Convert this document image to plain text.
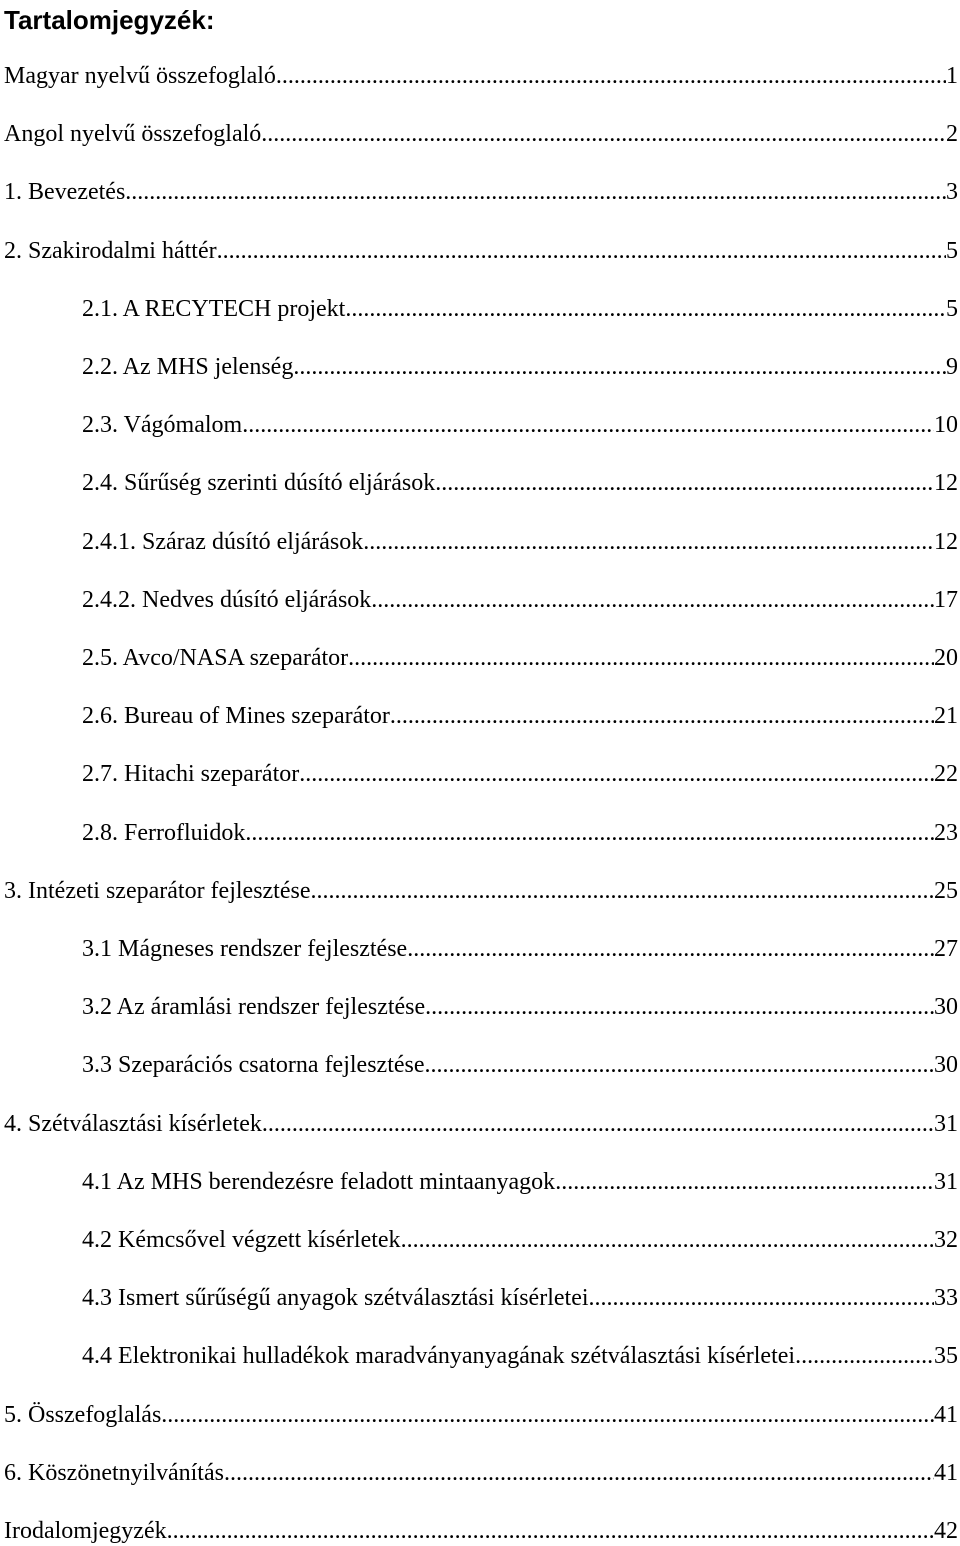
Tartalomjegyzék:
Magyar nyelvű összefoglaló .....	1
Angol nyelvű összefoglaló .....	2
1. Bevezetés .....	3
2. Szakirodalmi háttér .....	5
2.1. A RECYTECH projekt .....	5
2.2. Az MHS jelenség .....	9
2.3. Vágómalom .....	10
2.4. Sűrűség szerinti dúsító eljárások .....	12
2.4.1. Száraz dúsító eljárások .....	12
2.4.2. Nedves dúsító eljárások .....	17
2.5. Avco/NASA szeparátor .....	20
2.6. Bureau of Mines szeparátor .....	21
2.7. Hitachi szeparátor .....	22
2.8. Ferrofluidok .....	23
3. Intézeti szeparátor fejlesztése .....	25
3.1 Mágneses rendszer fejlesztése .....	27
3.2 Az áramlási rendszer fejlesztése .....	30
3.3 Szeparációs csatorna fejlesztése .....	30
4. Szétválasztási kísérletek .....	31
4.1 Az MHS berendezésre feladott mintaanyagok .....	31
4.2 Kémcsővel végzett kísérletek .....	32
4.3 Ismert sűrűségű anyagok szétválasztási kísérletei .....	33
4.4 Elektronikai hulladékok maradványanyagának szétválasztási kísérletei. .....	35
5. Összefoglalás .....	41
6. Köszönetnyilvánítás .....	41
Irodalomjegyzék .....	42
